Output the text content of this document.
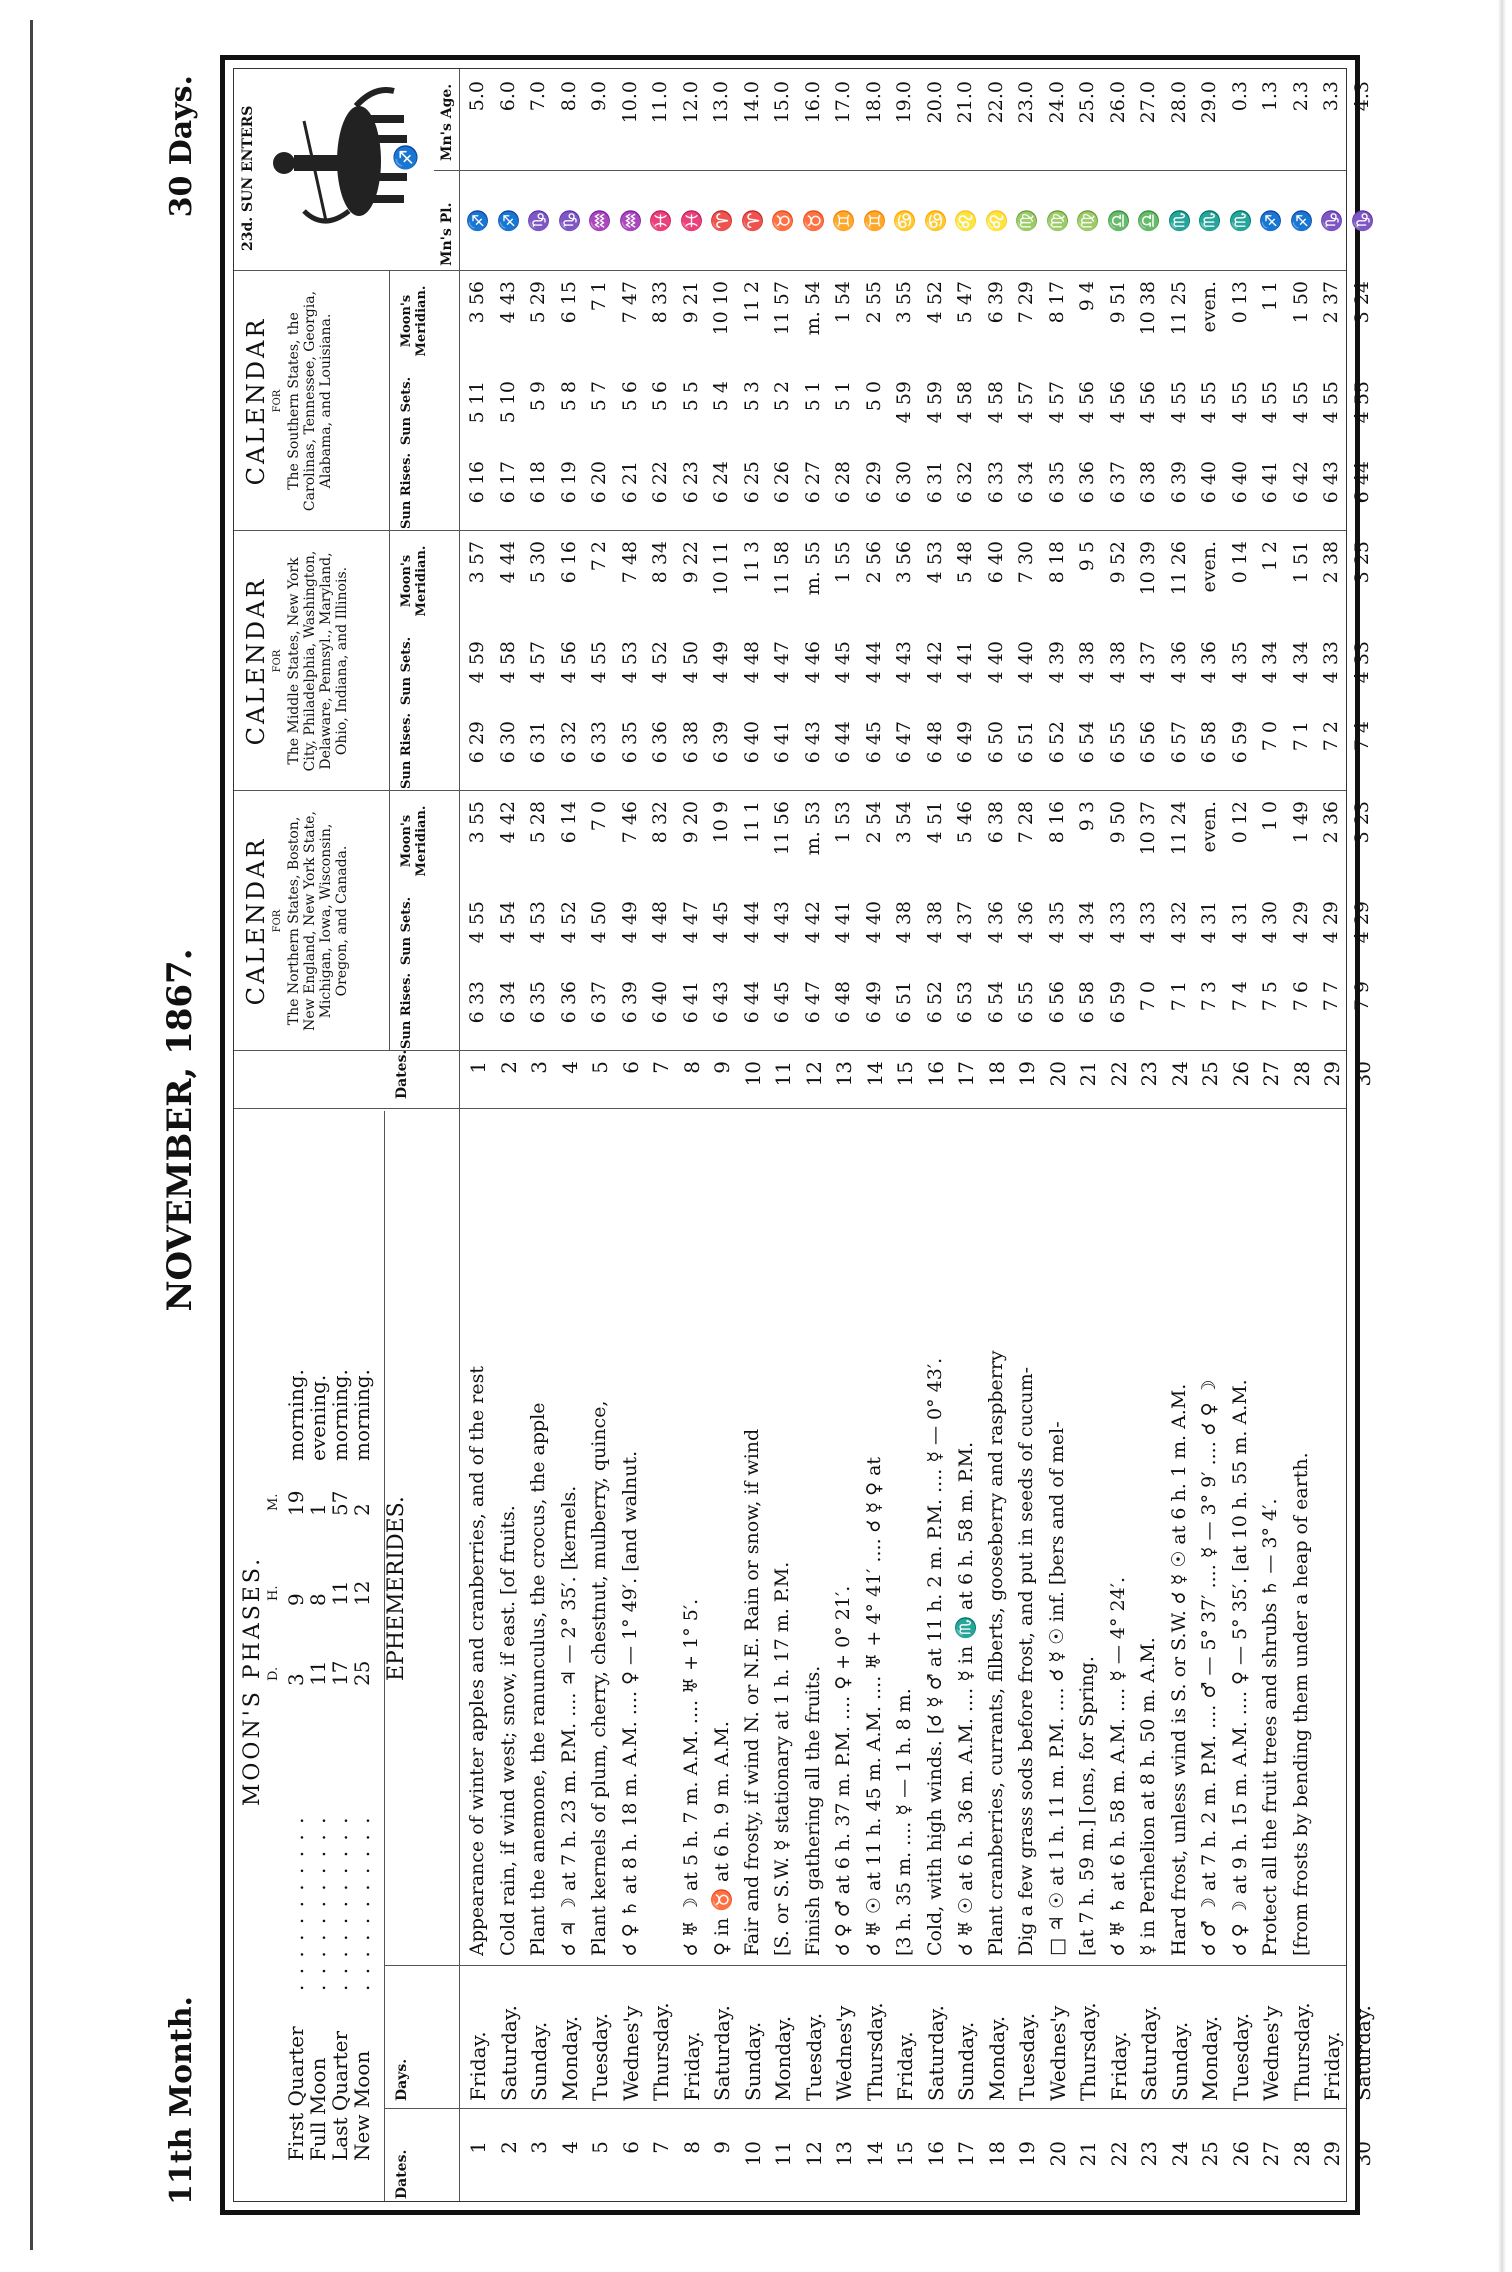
11th Month.
NOVEMBER, 1867.
30 Days.
MOON'S PHASES. D.
H.
M.
First Quarter
. . . . . . . . . . .
3
9
19
morning.
Full Moon
. . . . . . . . . . .
11
8
1
evening.
Last Quarter
. . . . . . . . . . .
17
11
57
morning.
New Moon
. . . . . . . . . . .
25
12
2
morning.
Dates.
Days.
EPHEMERIDES.
Dates.
CALENDAR FOR The Northern States, Boston, New England, New York State, Michigan, Iowa, Wisconsin, Oregon, and Canada.
Sun Rises.
Sun Sets.
Moon's Meridian.
CALENDAR FOR The Middle States, New York City, Philadelphia, Washington, Delaware, Pennsyl., Maryland, Ohio, Indiana, and Illinois.	Sun Rises.
Sun Sets.
Moon's Meridian.
CALENDAR FOR The Southern States, the Carolinas, Tennessee, Georgia, Alabama, and Louisiana.
Sun Rises.
Sun Sets.
Moon's Meridian.
23d. SUN ENTERS	♐
Mn's Pl.
Mn's Age.
1
Friday.
Appearance of winter apples and cranberries, and of the rest
1
6 33
4 55
3 55
6 29
4 59
3 57
6 16
5 11
3 56
♐
5.0
2
Saturday.
Cold rain, if wind west; snow, if east. [of fruits.
2
6 34
4 54
4 42
6 30
4 58
4 44
6 17
5 10
4 43
♐
6.0
3
Sunday.
Plant the anemone, the ranunculus, the crocus, the apple
3
6 35
4 53
5 28
6 31
4 57
5 30
6 18
5 9
5 29
♑
7.0
4
Monday.
☌ ♃ ☽ at 7 h. 23 m. P.M. .... ♃ — 2° 35′. [kernels.
4
6 36
4 52
6 14
6 32
4 56
6 16
6 19
5 8
6 15
♑
8.0
5
Tuesday.
Plant kernels of plum, cherry, chestnut, mulberry, quince,
5
6 37
4 50
7 0
6 33
4 55
7 2
6 20
5 7
7 1
♒
9.0
6
Wednes'y
☌ ♀ ♄ at 8 h. 18 m. A.M. .... ♀ — 1° 49′. [and walnut.
6
6 39
4 49
7 46
6 35
4 53
7 48
6 21
5 6
7 47
♒
10.0
7
Thursday.
7
6 40
4 48
8 32
6 36
4 52
8 34
6 22
5 6
8 33
♓
11.0
8
Friday.
☌ ♅ ☽ at 5 h. 7 m. A.M. .... ♅ + 1° 5′.
8
6 41
4 47
9 20
6 38
4 50
9 22
6 23
5 5
9 21
♓
12.0
9
Saturday.
♀ in ♉ at 6 h. 9 m. A.M.
9
6 43
4 45
10 9
6 39
4 49
10 11
6 24
5 4
10 10
♈
13.0
10
Sunday.
Fair and frosty, if wind N. or N.E. Rain or snow, if wind
10
6 44
4 44
11 1
6 40
4 48
11 3
6 25
5 3
11 2
♈
14.0
11
Monday.
[S. or S.W. ☿ stationary at 1 h. 17 m. P.M.
11
6 45
4 43
11 56
6 41
4 47
11 58
6 26
5 2
11 57
♉
15.0
12
Tuesday.
Finish gathering all the fruits.
12
6 47
4 42
m. 53
6 43
4 46
m. 55
6 27
5 1
m. 54
♉
16.0
13
Wednes'y
☌ ♀ ♂ at 6 h. 37 m. P.M. .... ♀ + 0° 21′.
13
6 48
4 41
1 53
6 44
4 45
1 55
6 28
5 1
1 54
♊
17.0
14
Thursday.
☌ ♅ ☉ at 11 h. 45 m. A.M. .... ♅ + 4° 41′ .... ☌ ☿ ♀ at
14
6 49
4 40
2 54
6 45
4 44
2 56
6 29
5 0
2 55
♊
18.0
15
Friday.
[3 h. 35 m. .... ☿ — 1 h. 8 m.
15
6 51
4 38
3 54
6 47
4 43
3 56
6 30
4 59
3 55
♋
19.0
16
Saturday.
Cold, with high winds. [☌ ☿ ♂ at 11 h. 2 m. P.M. .... ☿ — 0° 43′.
16
6 52
4 38
4 51
6 48
4 42
4 53
6 31
4 59
4 52
♋
20.0
17
Sunday.
☌ ♅ ☉ at 6 h. 36 m. A.M. .... ☿ in ♏ at 6 h. 58 m. P.M.
17
6 53
4 37
5 46
6 49
4 41
5 48
6 32
4 58
5 47
♌
21.0
18
Monday.
Plant cranberries, currants, filberts, gooseberry and raspberry
18
6 54
4 36
6 38
6 50
4 40
6 40
6 33
4 58
6 39
♌
22.0
19
Tuesday.
Dig a few grass sods before frost, and put in seeds of cucum-
19
6 55
4 36
7 28
6 51
4 40
7 30
6 34
4 57
7 29
♍
23.0
20
Wednes'y
□ ♃ ☉ at 1 h. 11 m. P.M. .... ☌ ☿ ☉ inf. [bers and of mel-
20
6 56
4 35
8 16
6 52
4 39
8 18
6 35
4 57
8 17
♍
24.0
21
Thursday.
[at 7 h. 59 m.] [ons, for Spring.
21
6 58
4 34
9 3
6 54
4 38
9 5
6 36
4 56
9 4
♍
25.0
22
Friday.
☌ ♅ ♄ at 6 h. 58 m. A.M. .... ☿ — 4° 24′.
22
6 59
4 33
9 50
6 55
4 38
9 52
6 37
4 56
9 51
♎
26.0
23
Saturday.
☿ in Perihelion at 8 h. 50 m. A.M.
23
7 0
4 33
10 37
6 56
4 37
10 39
6 38
4 56
10 38
♎
27.0
24
Sunday.
Hard frost, unless wind is S. or S.W. ☌ ☿ ☉ at 6 h. 1 m. A.M.
24
7 1
4 32
11 24
6 57
4 36
11 26
6 39
4 55
11 25
♏
28.0
25
Monday.
☌ ♂ ☽ at 7 h. 2 m. P.M. .... ♂ — 5° 37′ .... ☿ — 3° 9′ .... ☌ ♀ ☽
25
7 3
4 31
even.
6 58
4 36
even.
6 40
4 55
even.
♏
29.0
26
Tuesday.
☌ ♀ ☽ at 9 h. 15 m. A.M. .... ♀ — 5° 35′. [at 10 h. 55 m. A.M.
26
7 4
4 31
0 12
6 59
4 35
0 14
6 40
4 55
0 13
♏
0.3
27
Wednes'y
Protect all the fruit trees and shrubs ♄ — 3° 4′.
27
7 5
4 30
1 0
7 0
4 34
1 2
6 41
4 55
1 1
♐
1.3
28
Thursday.
[from frosts by bending them under a heap of earth.
28
7 6
4 29
1 49
7 1
4 34
1 51
6 42
4 55
1 50
♐
2.3
29
Friday.
29
7 7
4 29
2 36
7 2
4 33
2 38
6 43
4 55
2 37
♑
3.3
30
Saturday.
30
7 9
4 29
3 23
7 4
4 33
3 25
6 44
4 55
3 24
♑
4.3
